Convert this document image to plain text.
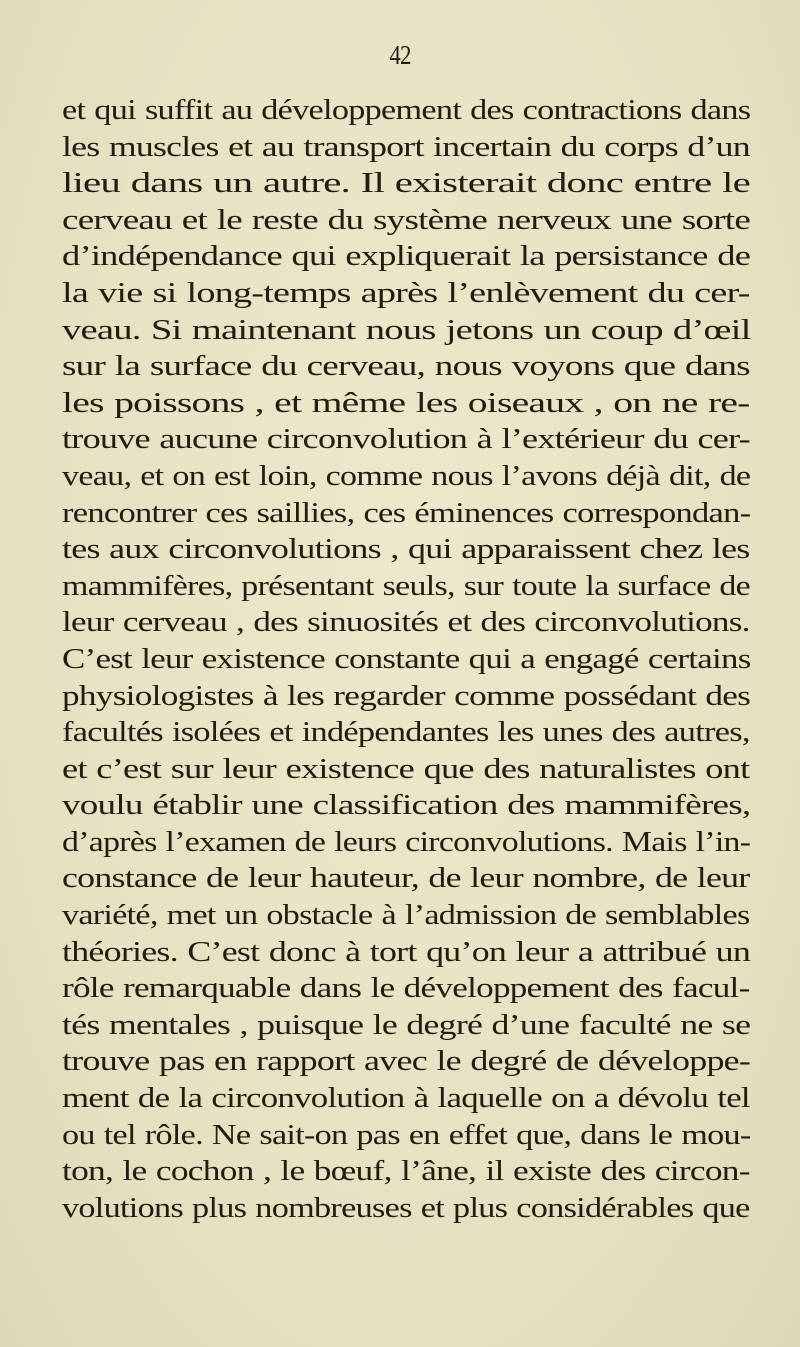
42
et qui suffit au développement des contractions dans
les muscles et au transport incertain du corps d’un
lieu dans un autre. Il existerait donc entre le
cerveau et le reste du système nerveux une sorte
d’indépendance qui expliquerait la persistance de
la vie si long-temps après l’enlèvement du cer-
veau. Si maintenant nous jetons un coup d’œil
sur la surface du cerveau, nous voyons que dans
les poissons , et même les oiseaux , on ne re-
trouve aucune circonvolution à l’extérieur du cer-
veau, et on est loin, comme nous l’avons déjà dit, de
rencontrer ces saillies, ces éminences correspondan-
tes aux circonvolutions , qui apparaissent chez les
mammifères, présentant seuls, sur toute la surface de
leur cerveau , des sinuosités et des circonvolutions.
C’est leur existence constante qui a engagé certains
physiologistes à les regarder comme possédant des
facultés isolées et indépendantes les unes des autres,
et c’est sur leur existence que des naturalistes ont
voulu établir une classification des mammifères,
d’après l’examen de leurs circonvolutions. Mais l’in-
constance de leur hauteur, de leur nombre, de leur
variété, met un obstacle à l’admission de semblables
théories. C’est donc à tort qu’on leur a attribué un
rôle remarquable dans le développement des facul-
tés mentales , puisque le degré d’une faculté ne se
trouve pas en rapport avec le degré de développe-
ment de la circonvolution à laquelle on a dévolu tel
ou tel rôle. Ne sait-on pas en effet que, dans le mou-
ton, le cochon , le bœuf, l’âne, il existe des circon-
volutions plus nombreuses et plus considérables que
